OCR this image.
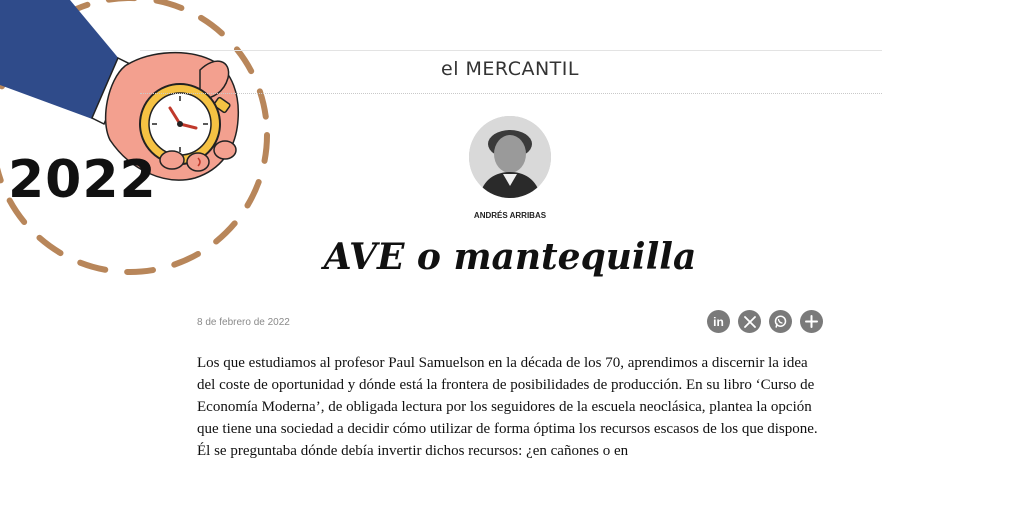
2022
el MERCANTIL
ANDRÉS ARRIBAS
AVE o mantequilla
8 de febrero de 2022	in

Los que estudiamos al profesor Paul Samuelson en la década de los 70, aprendimos a discernir la idea del coste de oportunidad y dónde está la frontera de posibilidades de producción. En su libro ‘Curso de Economía Moderna’, de obligada lectura por los seguidores de la escuela neoclásica, plantea la opción que tiene una sociedad a decidir cómo utilizar de forma óptima los recursos escasos de los que dispone. Él se preguntaba dónde debía invertir dichos recursos: ¿en cañones o en
